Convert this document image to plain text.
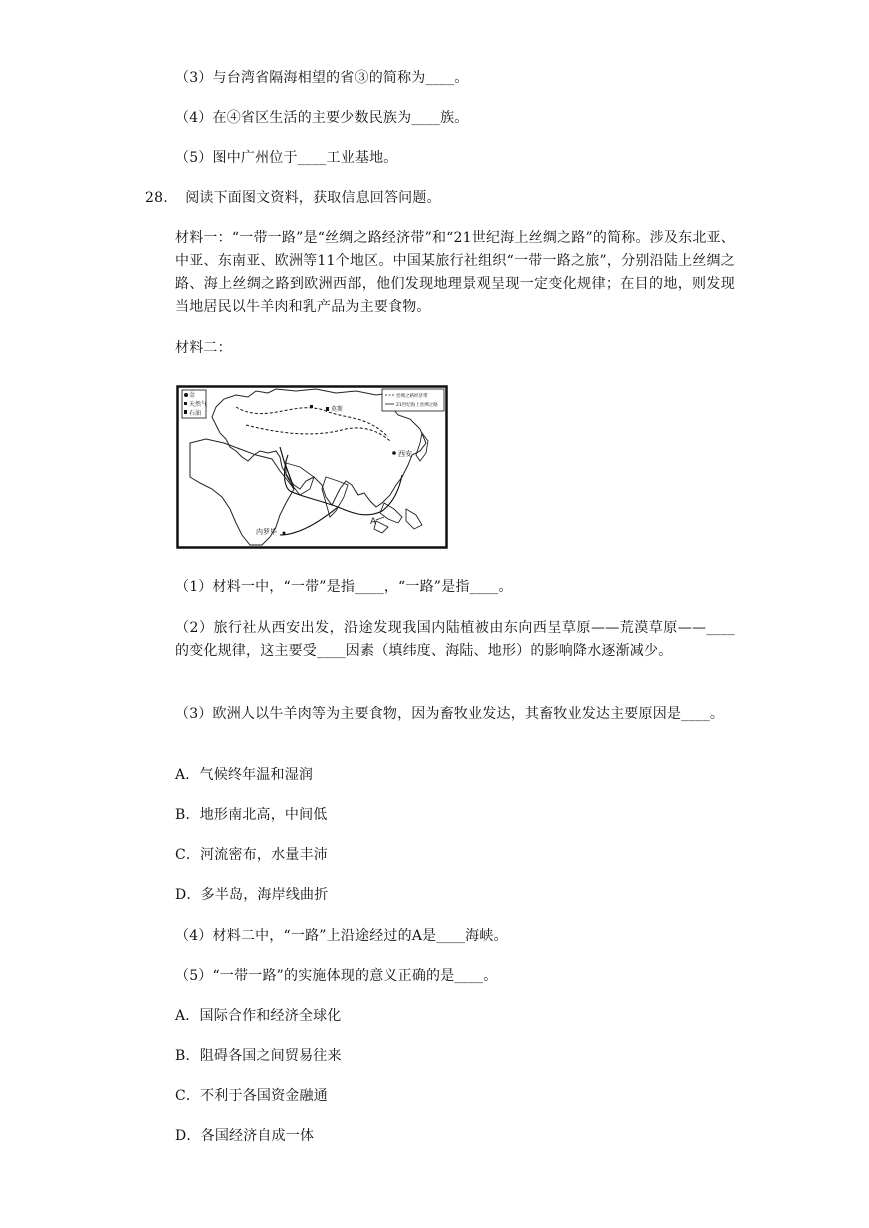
（3）与台湾省隔海相望的省③的简称为____。
（4）在④省区生活的主要少数民族为____族。
（5）图中广州位于____工业基地。
28. 阅读下面图文资料，获取信息回答问题。
材料一：“一带一路”是“丝绸之路经济带”和“21世纪海上丝绸之路”的简称。涉及东北亚、中亚、东南亚、欧洲等11个地区。中国某旅行社组织“一带一路之旅”，分别沿陆上丝绸之路、海上丝绸之路到欧洲西部，他们发现地理景观呈现一定变化规律；在目的地，则发现当地居民以牛羊肉和乳产品为主要食物。
材料二：
金
天然气
石油
丝绸之路经济带
21世纪海上丝绸之路
莫斯
西安
内罗毕
A
（1）材料一中，“一带”是指____，“一路”是指____。
（2）旅行社从西安出发，沿途发现我国内陆植被由东向西呈草原——荒漠草原——____的变化规律，这主要受____因素（填纬度、海陆、地形）的影响降水逐渐减少。
（3）欧洲人以牛羊肉等为主要食物，因为畜牧业发达，其畜牧业发达主要原因是____。
A．气候终年温和湿润
B．地形南北高，中间低
C．河流密布，水量丰沛
D．多半岛，海岸线曲折
（4）材料二中，“一路”上沿途经过的A是____海峡。
（5）“一带一路”的实施体现的意义正确的是____。
A．国际合作和经济全球化
B．阻碍各国之间贸易往来
C．不利于各国资金融通
D．各国经济自成一体
